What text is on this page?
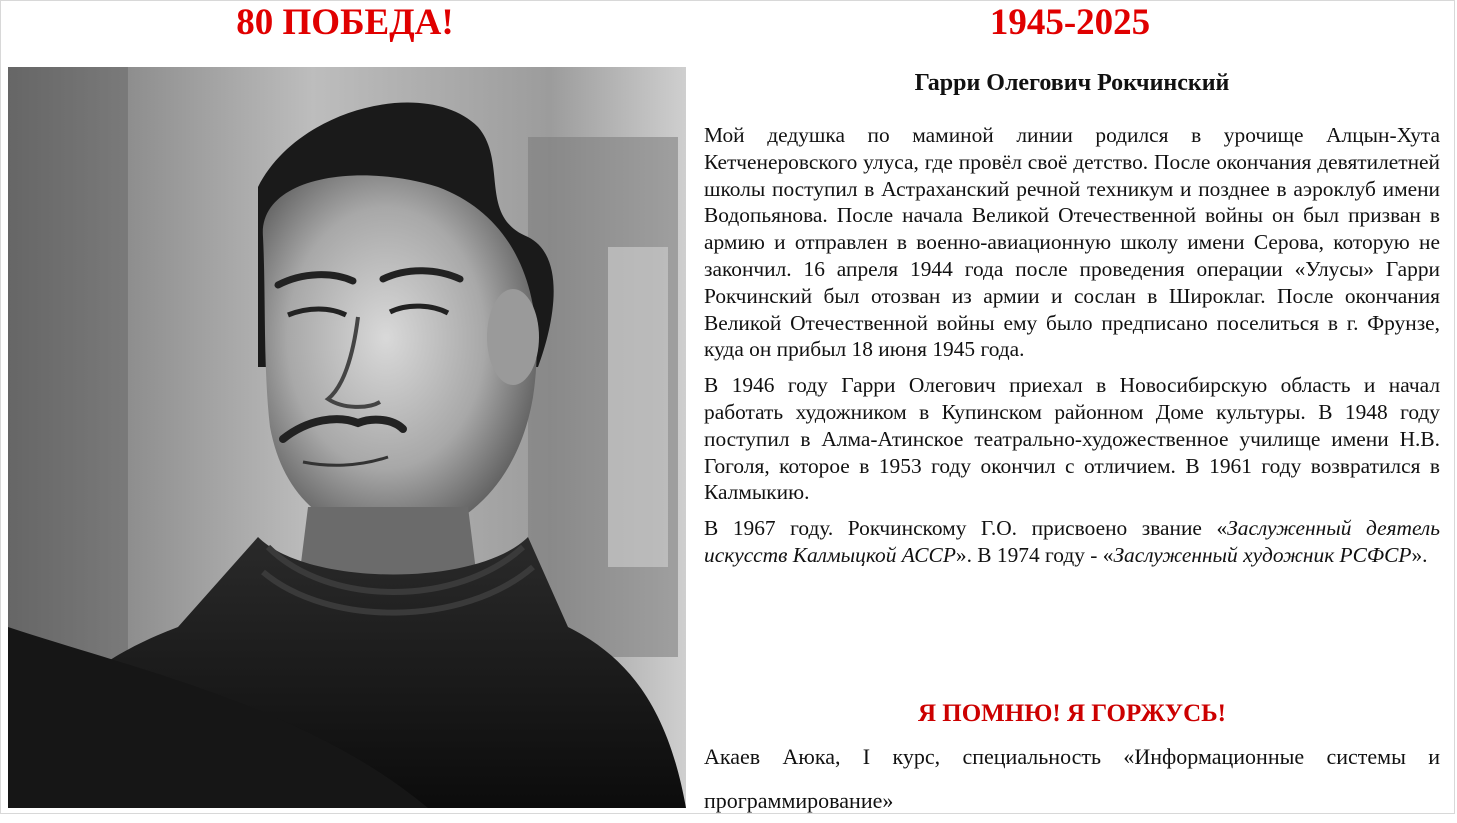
80 ПОБЕДА!	1945-2025
Гарри Олегович Рокчинский

Мой дедушка по маминой линии родился в урочище Алцын-Хута Кетченеровского улуса, где провёл своё детство. После окончания девятилетней школы поступил в Астраханский речной техникум и позднее в аэроклуб имени Водопьянова. После начала Великой Отечественной войны он был призван в армию и отправлен в военно-авиационную школу имени Серова, которую не закончил. 16 апреля 1944 года после проведения операции «Улусы» Гарри Рокчинский был отозван из армии и сослан в Широклаг. После окончания Великой Отечественной войны ему было предписано поселиться в г. Фрунзе, куда он прибыл 18 июня 1945 года.

В 1946 году Гарри Олегович приехал в Новосибирскую область и начал работать художником в Купинском районном Доме культуры. В 1948 году поступил в Алма-Атинское театрально-художественное училище имени Н.В. Гоголя, которое в 1953 году окончил с отличием. В 1961 году возвратился в Калмыкию.

В 1967 году. Рокчинскому Г.О. присвоено звание «Заслуженный деятель искусств Калмыцкой АССР». В 1974 году - «Заслуженный художник РСФСР».

Я ПОМНЮ! Я ГОРЖУСЬ!
Акаев Аюка, I курс, специальность «Информационные системы и программирование»
